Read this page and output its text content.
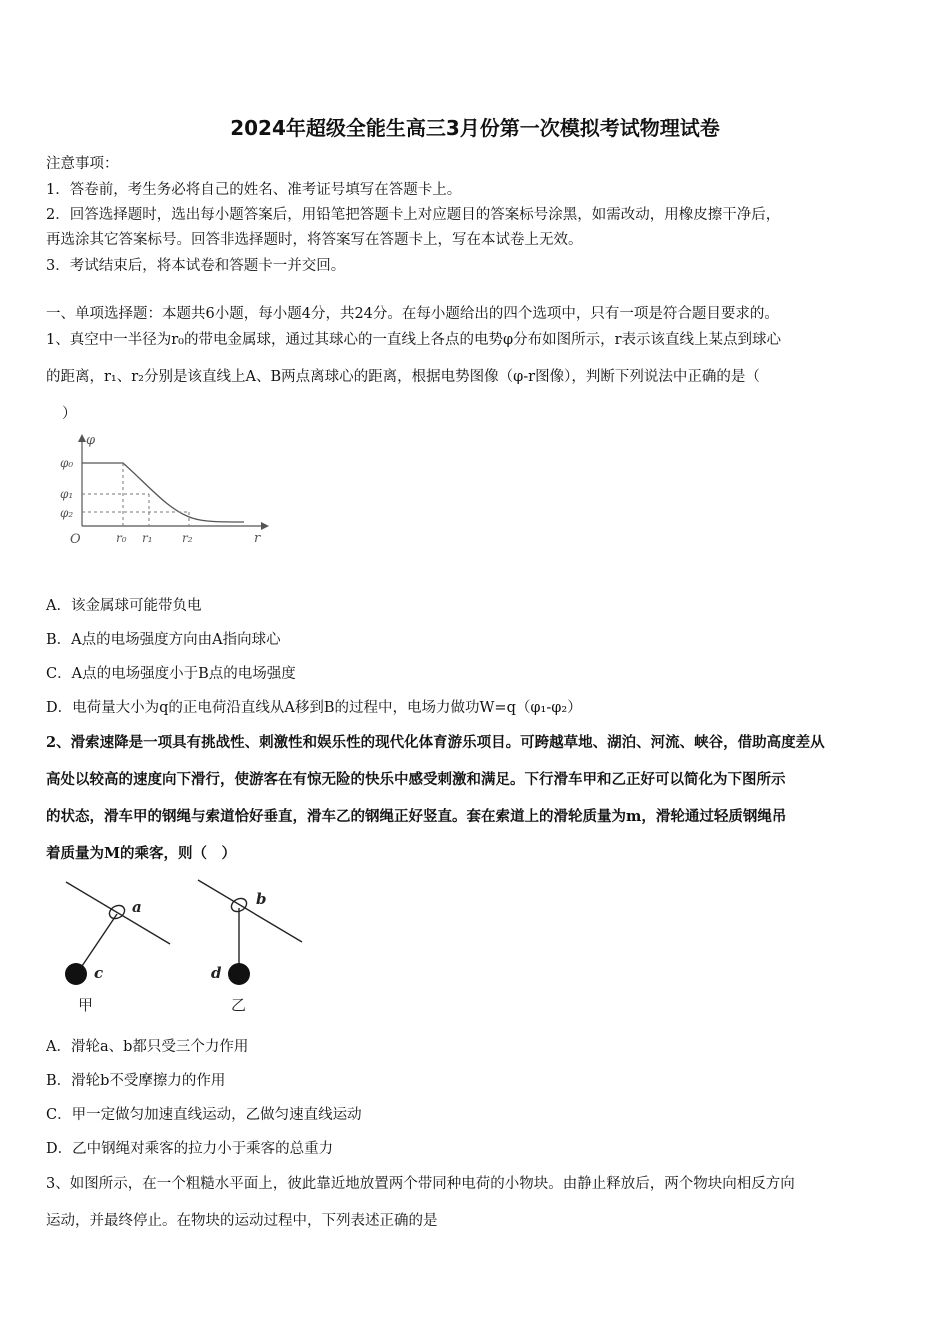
2024年超级全能生高三3月份第一次模拟考试物理试卷
注意事项：
1．答卷前，考生务必将自己的姓名、准考证号填写在答题卡上。
2．回答选择题时，选出每小题答案后，用铅笔把答题卡上对应题目的答案标号涂黑，如需改动，用橡皮擦干净后，
再选涂其它答案标号。回答非选择题时，将答案写在答题卡上，写在本试卷上无效。
3．考试结束后，将本试卷和答题卡一并交回。
一、单项选择题：本题共6小题，每小题4分，共24分。在每小题给出的四个选项中，只有一项是符合题目要求的。
1、真空中一半径为r₀的带电金属球，通过其球心的一直线上各点的电势φ分布如图所示，r表示该直线上某点到球心
的距离，r₁、r₂分别是该直线上A、B两点离球心的距离，根据电势图像（φ-r图像），判断下列说法中正确的是（
）
φ
φ₀
φ₁
φ₂
O	r₀ r₁ r₂	r
A．该金属球可能带负电
B．A点的电场强度方向由A指向球心
C．A点的电场强度小于B点的电场强度
D．电荷量大小为q的正电荷沿直线从A移到B的过程中，电场力做功W=q（φ₁-φ₂）
2、滑索速降是一项具有挑战性、刺激性和娱乐性的现代化体育游乐项目。可跨越草地、湖泊、河流、峡谷，借助高度差从
高处以较高的速度向下滑行，使游客在有惊无险的快乐中感受刺激和满足。下行滑车甲和乙正好可以简化为下图所示
的状态，滑车甲的钢绳与索道恰好垂直，滑车乙的钢绳正好竖直。套在索道上的滑轮质量为m，滑轮通过轻质钢绳吊
着质量为M的乘客，则（　）
a
c
甲
b
d
乙
A．滑轮a、b都只受三个力作用
B．滑轮b不受摩擦力的作用
C．甲一定做匀加速直线运动，乙做匀速直线运动
D．乙中钢绳对乘客的拉力小于乘客的总重力
3、如图所示，在一个粗糙水平面上，彼此靠近地放置两个带同种电荷的小物块。由静止释放后，两个物块向相反方向
运动，并最终停止。在物块的运动过程中，下列表述正确的是
